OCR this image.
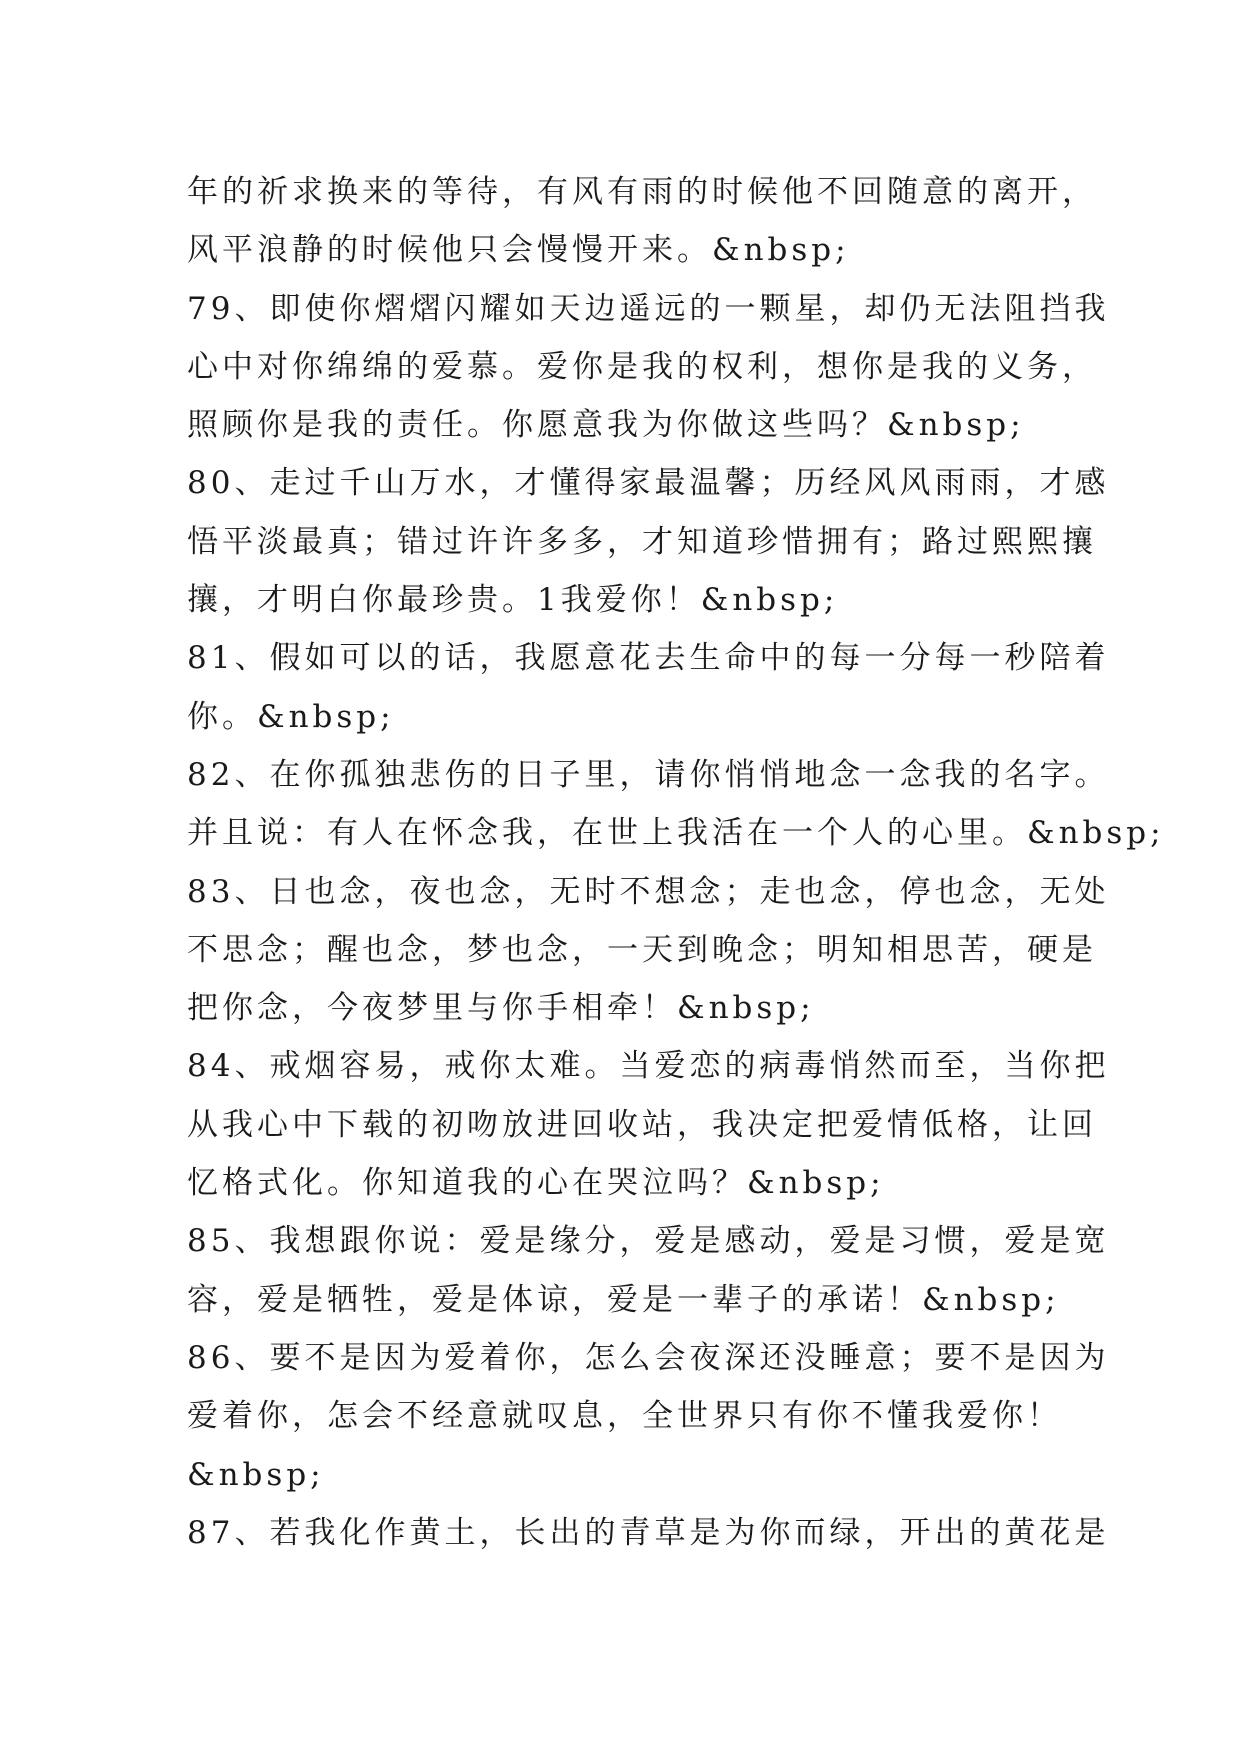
年的祈求换来的等待，有风有雨的时候他不回随意的离开，
风平浪静的时候他只会慢慢开来。&nbsp;
79、即使你熠熠闪耀如天边遥远的一颗星，却仍无法阻挡我
心中对你绵绵的爱慕。爱你是我的权利，想你是我的义务，
照顾你是我的责任。你愿意我为你做这些吗？&nbsp;
80、走过千山万水，才懂得家最温馨；历经风风雨雨，才感
悟平淡最真；错过许许多多，才知道珍惜拥有；路过熙熙攘
攘，才明白你最珍贵。1我爱你！&nbsp;
81、假如可以的话，我愿意花去生命中的每一分每一秒陪着
你。&nbsp;
82、在你孤独悲伤的日子里，请你悄悄地念一念我的名字。
并且说：有人在怀念我，在世上我活在一个人的心里。&nbsp;
83、日也念，夜也念，无时不想念；走也念，停也念，无处
不思念；醒也念，梦也念，一天到晚念；明知相思苦，硬是
把你念，今夜梦里与你手相牵！&nbsp;
84、戒烟容易，戒你太难。当爱恋的病毒悄然而至，当你把
从我心中下载的初吻放进回收站，我决定把爱情低格，让回
忆格式化。你知道我的心在哭泣吗？&nbsp;
85、我想跟你说：爱是缘分，爱是感动，爱是习惯，爱是宽
容，爱是牺牲，爱是体谅，爱是一辈子的承诺！&nbsp;
86、要不是因为爱着你，怎么会夜深还没睡意；要不是因为
爱着你，怎会不经意就叹息，全世界只有你不懂我爱你！
&nbsp;
87、若我化作黄土，长出的青草是为你而绿，开出的黄花是
